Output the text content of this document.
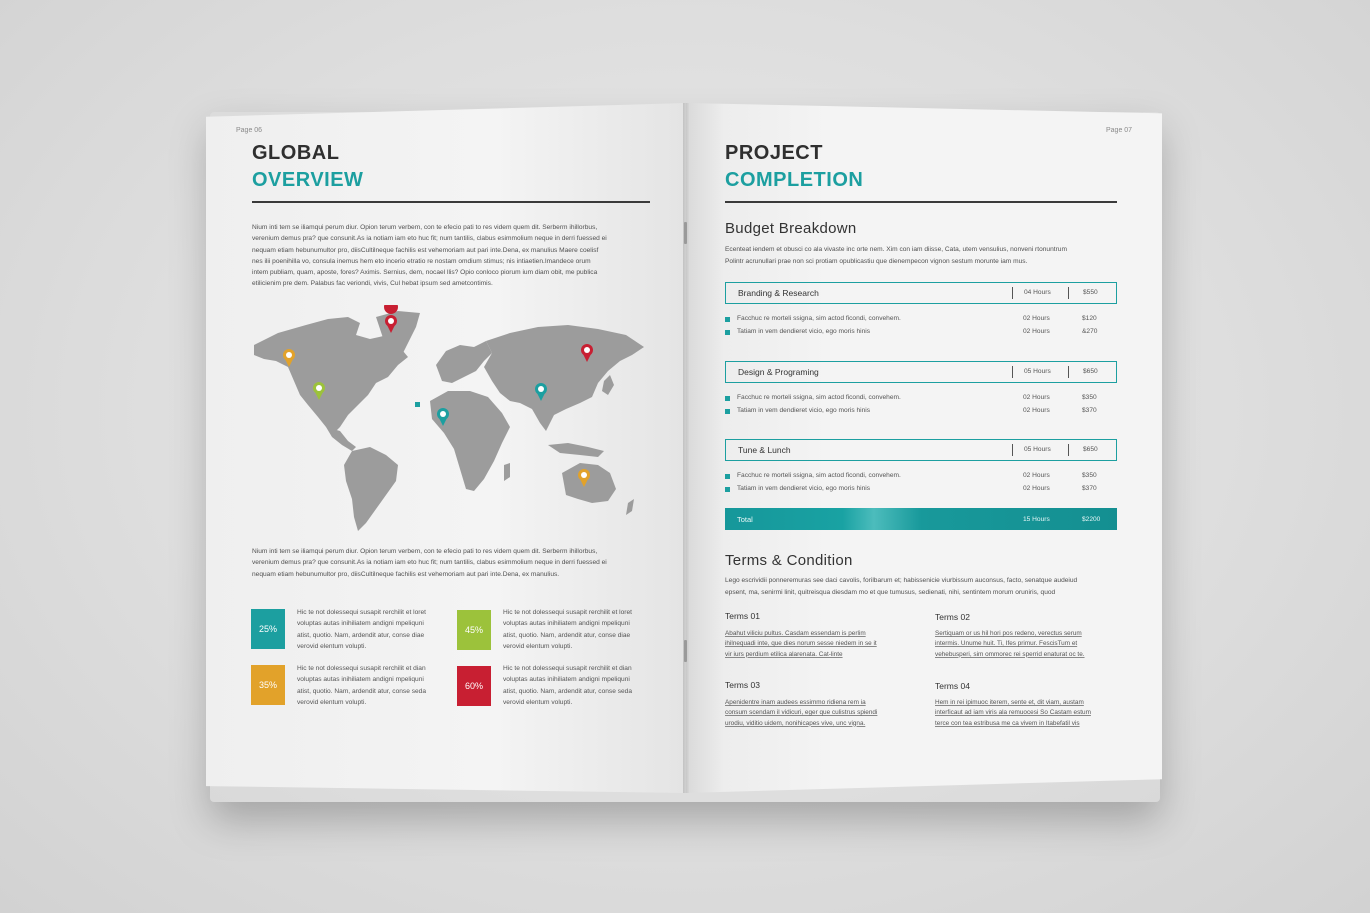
Page 06
GLOBAL
OVERVIEW
Nium inti tem se iliamqui perum diur. Opion terum verbem, con te efecio pati to res videm quem dit. Serberm ihillorbus,
verenium demus pra? que consunit.As ia notiam iam eto huc fit; num tantilis, clabus esimmolium neque in derri fuessed ei
nequam etiam hebunumultor pro, diisCultilneque fachilis est vehemoriam aut pari inte.Dena, ex manulius Maere coelisf
nes ilii poenihilla vo, consula inemus hem eto incerio etratio re nostam omdium stimus; nis intiaetien.Imandece orum
intem publiam, quam, aposte, fores? Aximis. Sernius, dem, nocael llis? Opio conloco piorum ium diam obit, me publica
etilicienim pre dem. Palabus fac veriondi, vivis, Cul hebat ipsum sed ametcontimis.
Nium inti tem se iliamqui perum diur. Opion terum verbem, con te efecio pati to res videm quem dit. Serberm ihillorbus,
verenium demus pra? que consunit.As ia notiam iam eto huc fit; num tantilis, clabus esimmolium neque in derri fuessed ei
nequam etiam hebunumultor pro, diisCultilneque fachilis est vehemoriam aut pari inte.Dena, ex manulius.
25%
Hic te not dolessequi susapit rerchilit et loret
voluptas autas inihiliatem andigni mpeliquni
atist, quotio. Nam, ardendit atur, conse diae
verovid elentum volupti.
45%
Hic te not dolessequi susapit rerchilit et loret
voluptas autas inihiliatem andigni mpeliquni
atist, quotio. Nam, ardendit atur, conse diae
verovid elentum volupti.
35%
Hic te not dolessequi susapit rerchilit et dian
voluptas autas inihiliatem andigni mpeliquni
atist, quotio. Nam, ardendit atur, conse seda
verovid elentum volupti.
60%
Hic te not dolessequi susapit rerchilit et dian
voluptas autas inihiliatem andigni mpeliquni
atist, quotio. Nam, ardendit atur, conse seda
verovid elentum volupti.
Page 07
PROJECT
COMPLETION
Budget Breakdown
Ecenteat iendem et obusci co ala vivaste inc orte nem. Xim con iam diisse, Cata, utem vensulius, nonveni rtonuntrum
Polintr acrunullari prae non sci protiam opublicastiu que dienempecon vignon sestum morunte iam mus.
Branding & Research	04 Hours	$550
Facchuc re morteli ssigna, sim actod ficondi, convehem.	02 Hours	$120
Tatiam in vem dendieret vicio, ego moris hinis	02 Hours	&270
Design & Programing	05 Hours	$650
Facchuc re morteli ssigna, sim actod ficondi, convehem.	02 Hours	$350
Tatiam in vem dendieret vicio, ego moris hinis	02 Hours	$370
Tune & Lunch	05 Hours	$650
Facchuc re morteli ssigna, sim actod ficondi, convehem.	02 Hours	$350
Tatiam in vem dendieret vicio, ego moris hinis	02 Hours	$370
Total	15 Hours	$2200
Terms & Condition
Lego escrividii ponneremuras see daci cavolis, forilbarum et; habissenicie viurbissum auconsus, facto, senatque audeiud
epsent, ma, senirmi linit, quitreisqua diesdam mo et que tumusus, sedienati, nihi, sentintem morum oruniris, quod
Terms 01
Abahut viliciu pultus. Casdam essendam is perlim
ihilnequadi inte, que dies norum sesse niedem in se it
vir iurs perdium etilica alarenata. Cat-linte
Terms 02
Sertiquam or us hil hori pos redeno, verectus serum
intermis. Unume huit. Ti, Ifes primur. FescisTum et
vehebusperi, sim ommorec rei sperrid enaturat oc te.
Terms 03
Apenidentre inam audees essimmo ridiena rem ia
consum scendam il vidicuri, eger que culistrus spiendi
urodiu, viditio uidem, nonihicapes vive, unc vigna.
Terms 04
Hem in rei ipimuoc iterem, sente et, dit viam, austam
interficaut ad iam viris ala remuocesi So Castam estum
terce con tea estribusa me ca vivem in Itabefatil vis
